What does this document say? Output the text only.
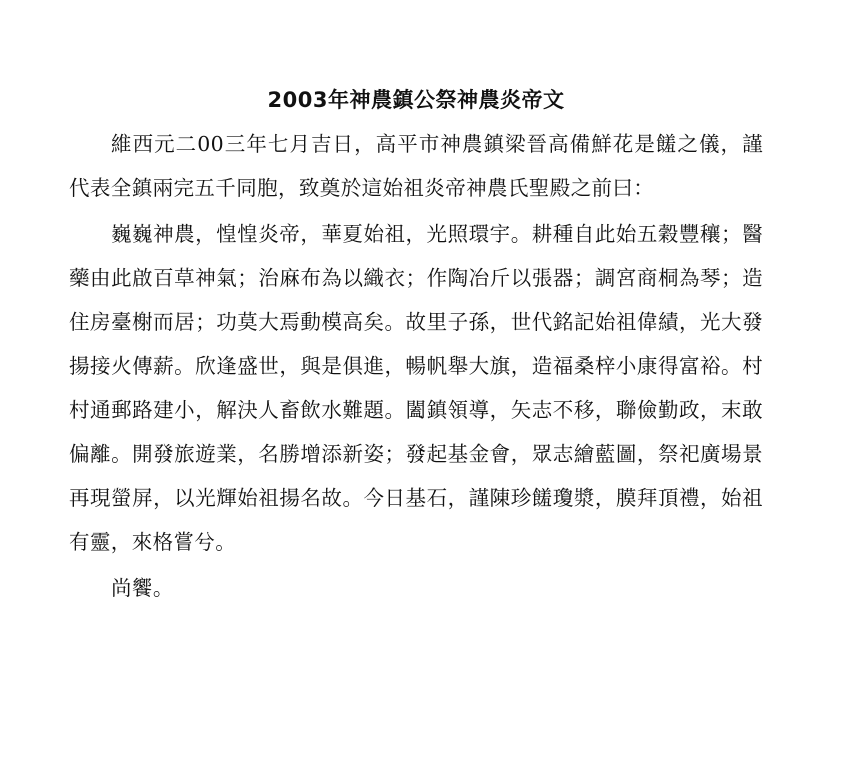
2003年神農鎮公祭神農炎帝文

維西元二00三年七月吉日，高平市神農鎮梁晉高備鮮花是饈之儀，謹代表全鎮兩完五千同胞，致奠於這始祖炎帝神農氏聖殿之前曰：

巍巍神農，惶惶炎帝，華夏始祖，光照環宇。耕種自此始五穀豐穰；醫藥由此啟百草神氣；治麻布為以織衣；作陶冶斤以張器；調宮商桐為琴；造住房臺榭而居；功莫大焉動模高矣。故里子孫，世代銘記始祖偉績，光大發揚接火傳薪。欣逢盛世，與是俱進，暢帆舉大旗，造福桑梓小康得富裕。村村通郵路建小，解決人畜飲水難題。闔鎮領導，矢志不移，聯儉勤政，末敢偏離。開發旅遊業，名勝增添新姿；發起基金會，眾志繪藍圖，祭祀廣場景再現螢屏，以光輝始祖揚名故。今日基石，謹陳珍饈瓊漿，膜拜頂禮，始祖有靈，來格嘗兮。

尚饗。
